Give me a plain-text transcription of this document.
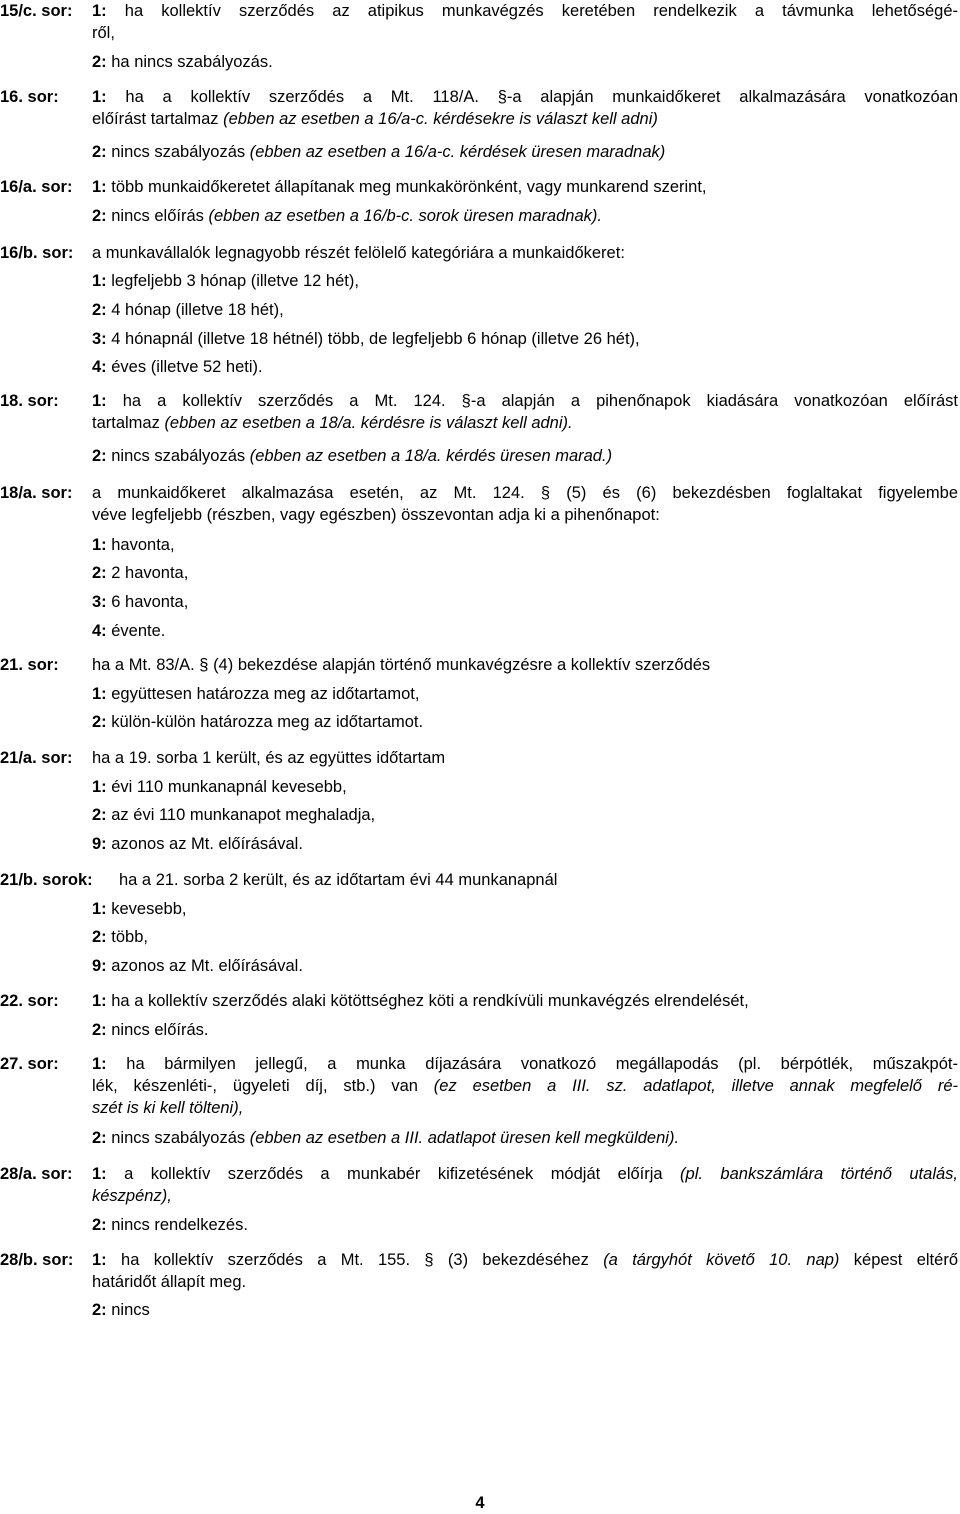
15/c. sor: 1: ha kollektív szerződés az atipikus munkavégzés keretében rendelkezik a távmunka lehetőségé-
ről,
2: ha nincs szabályozás.
16. sor: 1: ha a kollektív szerződés a Mt. 118/A. §-a alapján munkaidőkeret alkalmazására vonatkozóan
előírást tartalmaz (ebben az esetben a 16/a-c. kérdésekre is választ kell adni)
2: nincs szabályozás (ebben az esetben a 16/a-c. kérdések üresen maradnak)
16/a. sor: 1: több munkaidőkeretet állapítanak meg munkakörönként, vagy munkarend szerint,
2: nincs előírás (ebben az esetben a 16/b-c. sorok üresen maradnak).
16/b. sor: a munkavállalók legnagyobb részét felölelő kategóriára a munkaidőkeret:
1: legfeljebb 3 hónap (illetve 12 hét),
2: 4 hónap (illetve 18 hét),
3: 4 hónapnál (illetve 18 hétnél) több, de legfeljebb 6 hónap (illetve 26 hét),
4: éves (illetve 52 heti).
18. sor: 1: ha a kollektív szerződés a Mt. 124. §-a alapján a pihenőnapok kiadására vonatkozóan előírást
tartalmaz (ebben az esetben a 18/a. kérdésre is választ kell adni).
2: nincs szabályozás (ebben az esetben a 18/a. kérdés üresen marad.)
18/a. sor: a munkaidőkeret alkalmazása esetén, az Mt. 124. § (5) és (6) bekezdésben foglaltakat figyelembe
véve legfeljebb (részben, vagy egészben) összevontan adja ki a pihenőnapot:
1: havonta,
2: 2 havonta,
3: 6 havonta,
4: évente.
21. sor: ha a Mt. 83/A. § (4) bekezdése alapján történő munkavégzésre a kollektív szerződés
1: együttesen határozza meg az időtartamot,
2: külön-külön határozza meg az időtartamot.
21/a. sor: ha a 19. sorba 1 került, és az együttes időtartam
1: évi 110 munkanapnál kevesebb,
2: az évi 110 munkanapot meghaladja,
9: azonos az Mt. előírásával.
21/b. sorok: ha a 21. sorba 2 került, és az időtartam évi 44 munkanapnál
1: kevesebb,
2: több,
9: azonos az Mt. előírásával.
22. sor: 1: ha a kollektív szerződés alaki kötöttséghez köti a rendkívüli munkavégzés elrendelését,
2: nincs előírás.
27. sor: 1: ha bármilyen jellegű, a munka díjazására vonatkozó megállapodás (pl. bérpótlék, műszakpót-
lék, készenléti-, ügyeleti díj, stb.) van (ez esetben a III. sz. adatlapot, illetve annak megfelelő ré-
szét is ki kell tölteni),
2: nincs szabályozás (ebben az esetben a III. adatlapot üresen kell megküldeni).
28/a. sor: 1: a kollektív szerződés a munkabér kifizetésének módját előírja (pl. bankszámlára történő utalás,
készpénz),
2: nincs rendelkezés.
28/b. sor: 1: ha kollektív szerződés a Mt. 155. § (3) bekezdéséhez (a tárgyhót követő 10. nap) képest eltérő
határidőt állapít meg.
2: nincs
4
